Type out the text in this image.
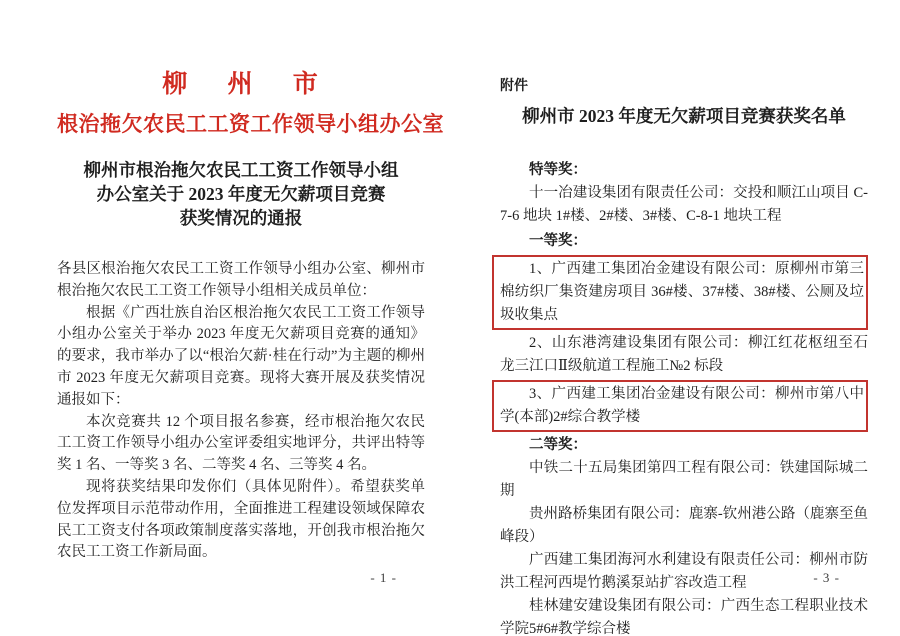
柳 州 市
根治拖欠农民工工资工作领导小组办公室
柳州市根治拖欠农民工工资工作领导小组
办公室关于 2023 年度无欠薪项目竞赛
获奖情况的通报

各县区根治拖欠农民工工资工作领导小组办公室、柳州市根治拖欠农民工工资工作领导小组相关成员单位：

根据《广西壮族自治区根治拖欠农民工工资工作领导小组办公室关于举办 2023 年度无欠薪项目竞赛的通知》的要求，我市举办了以“根治欠薪·桂在行动”为主题的柳州市 2023 年度无欠薪项目竞赛。现将大赛开展及获奖情况通报如下：

本次竞赛共 12 个项目报名参赛，经市根治拖欠农民工工资工作领导小组办公室评委组实地评分，共评出特等奖 1 名、一等奖 3 名、二等奖 4 名、三等奖 4 名。

现将获奖结果印发你们（具体见附件）。希望获奖单位发挥项目示范带动作用，全面推进工程建设领域保障农民工工资支付各项政策制度落实落地，开创我市根治拖欠农民工工资工作新局面。

- 1 -
附件
柳州市 2023 年度无欠薪项目竞赛获奖名单

特等奖：

十一冶建设集团有限责任公司：交投和顺江山项目 C-7-6 地块 1#楼、2#楼、3#楼、C-8-1 地块工程

一等奖：

1、广西建工集团冶金建设有限公司：原柳州市第三棉纺织厂集资建房项目 36#楼、37#楼、38#楼、公厕及垃圾收集点

2、山东港湾建设集团有限公司：柳江红花枢纽至石龙三江口Ⅱ级航道工程施工№2 标段

3、广西建工集团冶金建设有限公司：柳州市第八中学(本部)2#综合教学楼

二等奖：

中铁二十五局集团第四工程有限公司：铁建国际城二期

贵州路桥集团有限公司：鹿寨-钦州港公路（鹿寨至鱼峰段）

广西建工集团海河水利建设有限责任公司：柳州市防洪工程河西堤竹鹅溪泵站扩容改造工程

桂林建安建设集团有限公司：广西生态工程职业技术学院5#6#教学综合楼

- 3 -
